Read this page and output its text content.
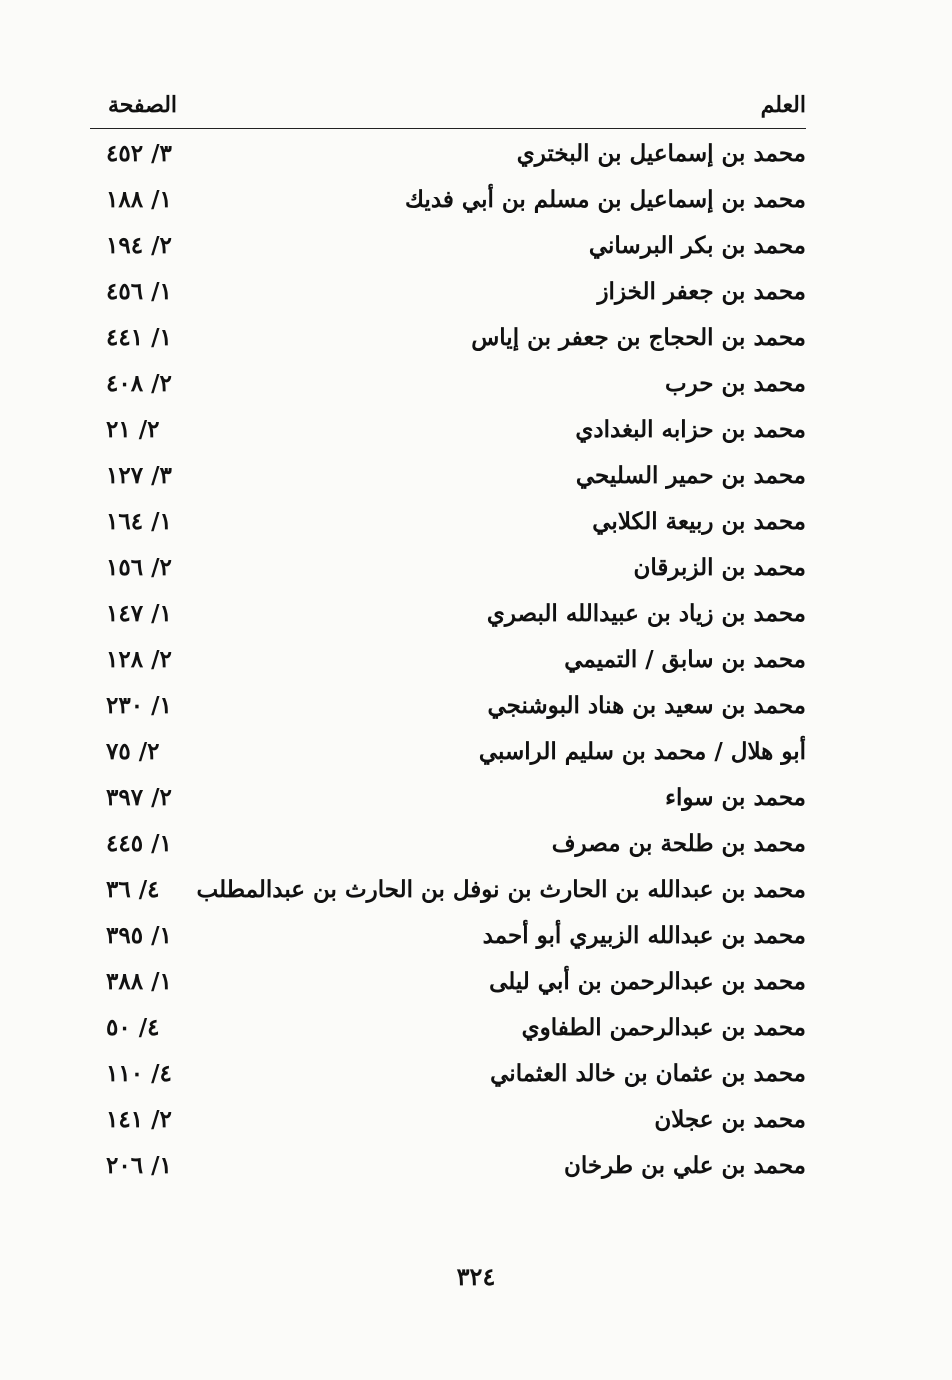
العلم
الصفحة
محمد بن إسماعيل بن البختري
٣/ ٤٥٢
محمد بن إسماعيل بن مسلم بن أبي فديك
١/ ١٨٨
محمد بن بكر البرساني
٢/ ١٩٤
محمد بن جعفر الخزاز
١/ ٤٥٦
محمد بن الحجاج بن جعفر بن إياس
١/ ٤٤١
محمد بن حرب
٢/ ٤٠٨
محمد بن حزابه البغدادي
٢/ ٢١
محمد بن حمير السليحي
٣/ ١٢٧
محمد بن ربيعة الكلابي
١/ ١٦٤
محمد بن الزبرقان
٢/ ١٥٦
محمد بن زياد بن عبيدالله البصري
١/ ١٤٧
محمد بن سابق / التميمي
٢/ ١٢٨
محمد بن سعيد بن هناد البوشنجي
١/ ٢٣٠
أبو هلال / محمد بن سليم الراسبي
٢/ ٧٥
محمد بن سواء
٢/ ٣٩٧
محمد بن طلحة بن مصرف
١/ ٤٤٥
محمد بن عبدالله بن الحارث بن نوفل بن الحارث بن عبدالمطلب
٤/ ٣٦
محمد بن عبدالله الزبيري أبو أحمد
١/ ٣٩٥
محمد بن عبدالرحمن بن أبي ليلى
١/ ٣٨٨
محمد بن عبدالرحمن الطفاوي
٤/ ٥٠
محمد بن عثمان بن خالد العثماني
٤/ ١١٠
محمد بن عجلان
٢/ ١٤١
محمد بن علي بن طرخان
١/ ٢٠٦
٣٢٤
